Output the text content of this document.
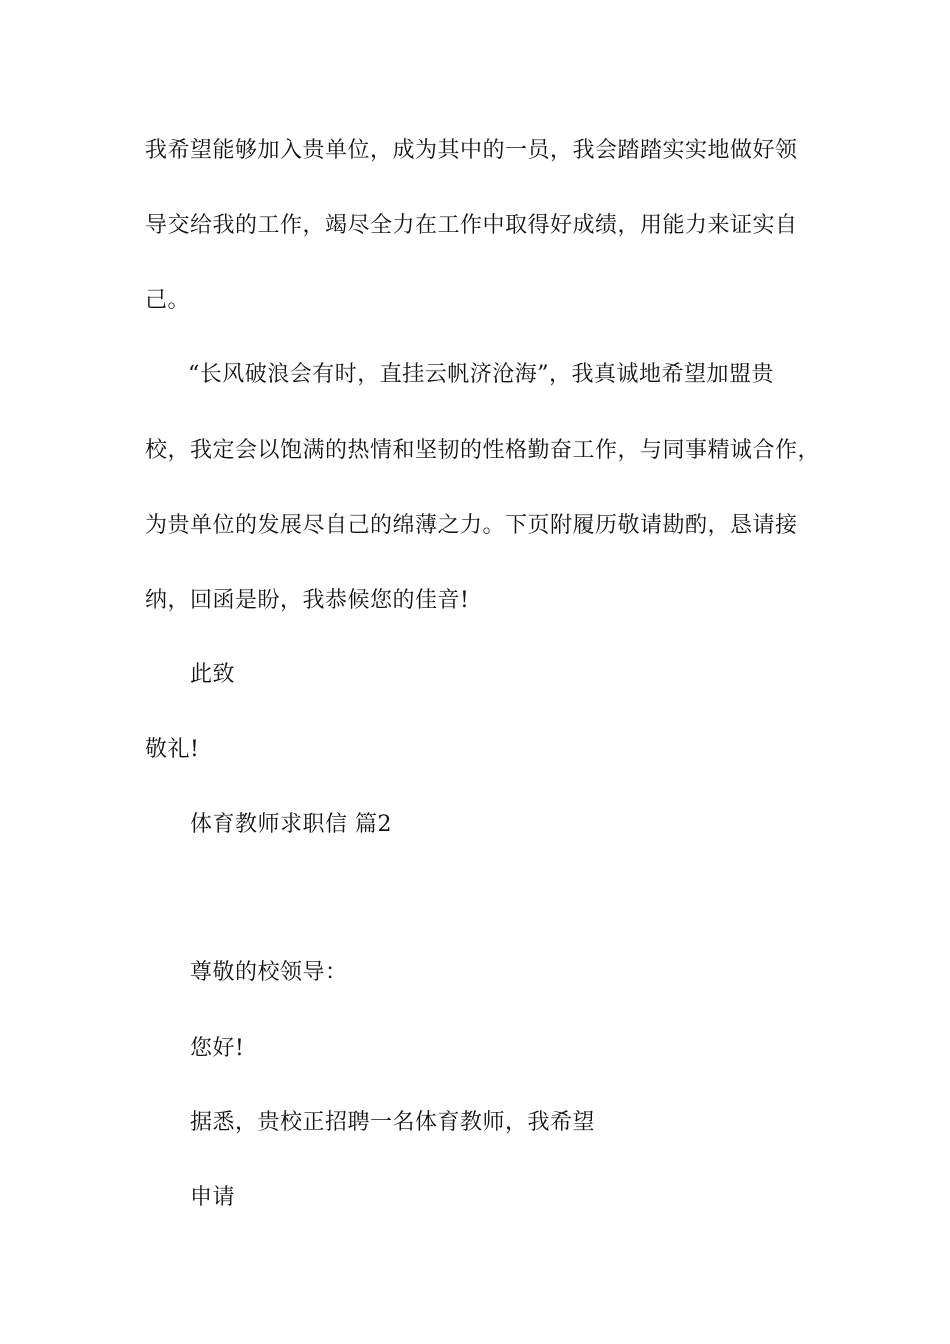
我希望能够加入贵单位，成为其中的一员，我会踏踏实实地做好领
导交给我的工作，竭尽全力在工作中取得好成绩，用能力来证实自
己。
“长风破浪会有时，直挂云帆济沧海”，我真诚地希望加盟贵
校，我定会以饱满的热情和坚韧的性格勤奋工作，与同事精诚合作，
为贵单位的发展尽自己的绵薄之力。下页附履历敬请勘酌，恳请接
纳，回函是盼，我恭候您的佳音!
此致
敬礼!
体育教师求职信 篇2
尊敬的校领导：
您好!
据悉，贵校正招聘一名体育教师，我希望
申请
